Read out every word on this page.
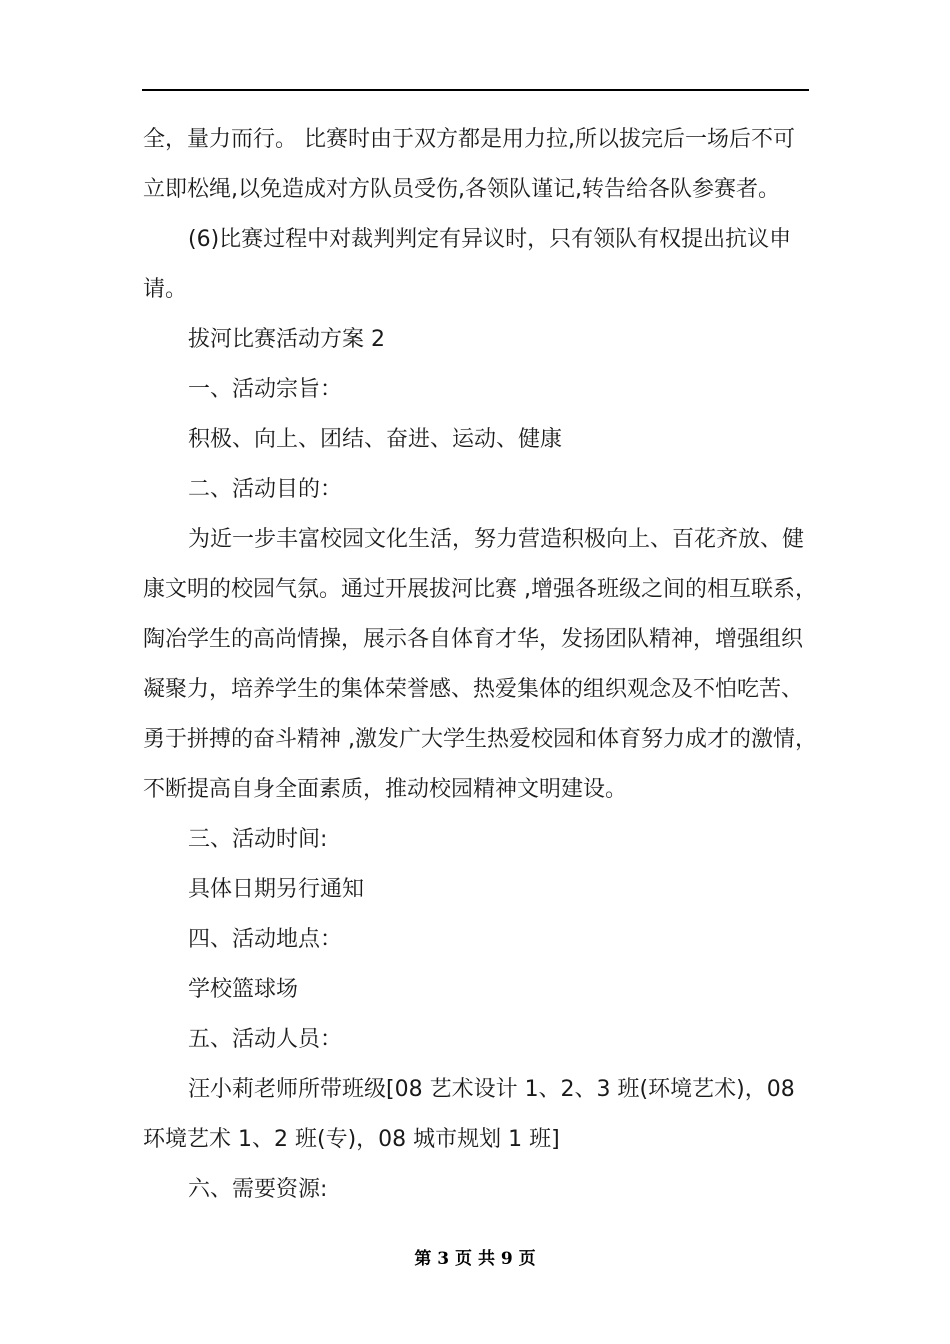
全，量力而行。 比赛时由于双方都是用力拉,所以拔完后一场后不可
立即松绳,以免造成对方队员受伤,各领队谨记,转告给各队参赛者。
(6)比赛过程中对裁判判定有异议时，只有领队有权提出抗议申
请。
拔河比赛活动方案 2
一、活动宗旨：
积极、向上、团结、奋进、运动、健康
二、活动目的：
为近一步丰富校园文化生活，努力营造积极向上、百花齐放、健
康文明的校园气氛。通过开展拔河比赛 ,增强各班级之间的相互联系，
陶冶学生的高尚情操，展示各自体育才华，发扬团队精神，增强组织
凝聚力，培养学生的集体荣誉感、热爱集体的组织观念及不怕吃苦、
勇于拼搏的奋斗精神 ,激发广大学生热爱校园和体育努力成才的激情，
不断提高自身全面素质，推动校园精神文明建设。
三、活动时间:
具体日期另行通知
四、活动地点：
学校篮球场
五、活动人员：
汪小莉老师所带班级[08 艺术设计 1、2、3 班(环境艺术)，08
环境艺术 1、2 班(专)，08 城市规划 1 班]
六、需要资源:
第 3 页 共 9 页
